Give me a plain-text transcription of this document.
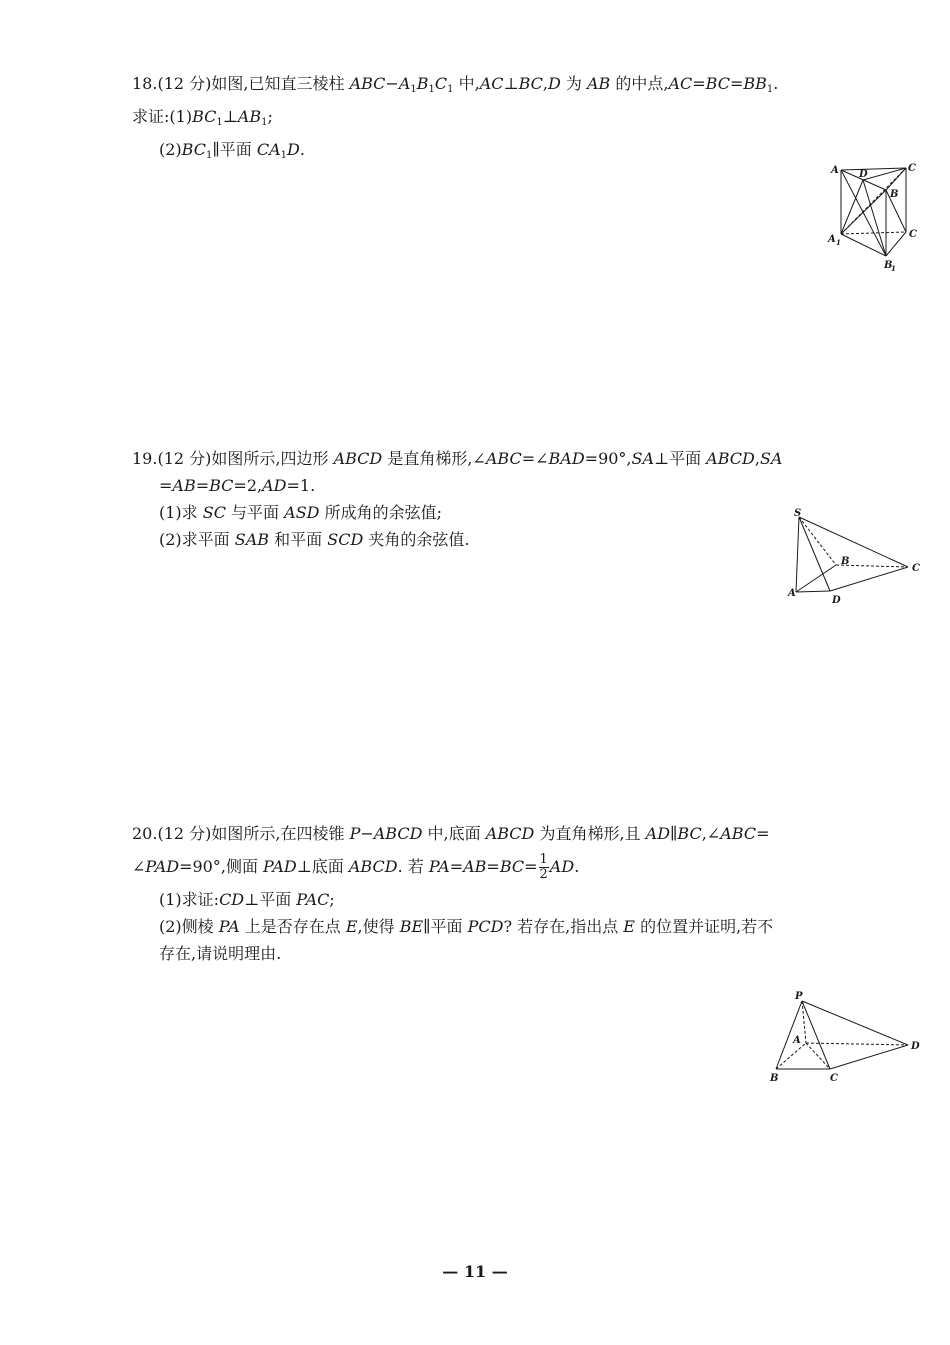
18.(12 分)如图,已知直三棱柱 $ABC-A_1B_1C_1$ 中,AC⊥BC,D 为 AB 的中点$,AC=BC=BB_1$.
求证$:(1)BC_1\perp AB_1$;
$(2)BC_1\parallel$平面 $CA_1D$.
A D
C
B
A 1
C
B
1
19.(12 分)如图所示,四边形 ABCD 是直角梯形,∠ABC=∠BAD=90°,SA⊥平面 ABCD,SA
=AB=BC=2,AD=1.
(1)求 SC 与平面 ASD 所成角的余弦值;
(2)求平面 SAB 和平面 SCD 夹角的余弦值.
S
B
C
A
D
20.(12 分)如图所示,在四棱锥 P−ABCD 中,底面 ABCD 为直角梯形,且 AD∥BC,∠ABC=
∠PAD=90°,侧面 PAD⊥底面 ABCD. 若 $PA=AB=BC= \frac{1}{2}$ AD.
(1)求证:CD⊥平面 PAC;
(2)侧棱 PA 上是否存在点 E,使得 BE∥平面 PCD? 若存在,指出点 E 的位置并证明,若不
存在,请说明理由.
P
A
D
B	C
— 11 —
